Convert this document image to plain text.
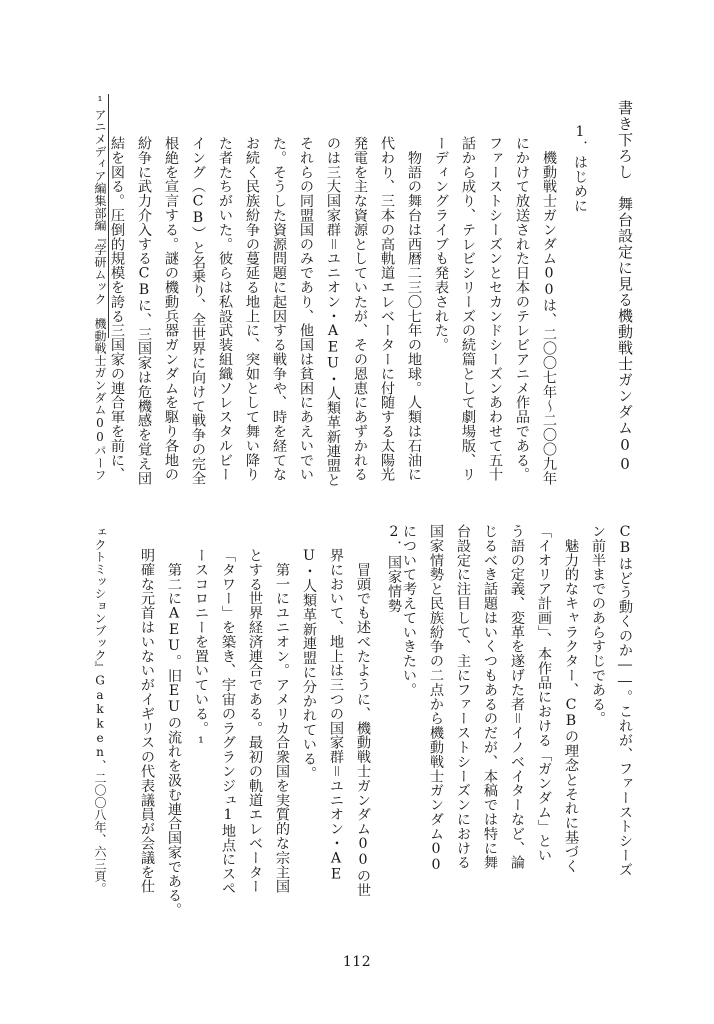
書き下ろし　舞台設定に見る機動戦士ガンダム00
1．はじめに
　機動戦士ガンダム00は、二〇〇七年〜二〇〇九年
にかけて放送された日本のテレビアニメ作品である。
ファーストシーズンとセカンドシーズンあわせて五十
話から成り、テレビシリーズの続篇として劇場版、リ
ーディングライブも発表された。
　物語の舞台は西暦二三〇七年の地球。人類は石油に
代わり、三本の高軌道エレベーターに付随する太陽光
発電を主な資源としていたが、その恩恵にあずかれる
のは三大国家群＝ユニオン・AEU・人類革新連盟と
それらの同盟国のみであり、他国は貧困にあえいでい
た。そうした資源問題に起因する戦争や、時を経てな
お続く民族紛争の蔓延る地上に、突如として舞い降り
た者たちがいた。彼らは私設武装組織ソレスタルビー
イング（CB）と名乗り、全世界に向けて戦争の完全
根絶を宣言する。謎の機動兵器ガンダムを駆り各地の
紛争に武力介入するCBに、三国家は危機感を覚え団
結を図る。圧倒的規模を誇る三国家の連合軍を前に、
CBはどう動くのか――。これが、ファーストシーズ
ン前半までのあらすじである。
　魅力的なキャラクター、CBの理念とそれに基づく
「イオリア計画」、本作品における「ガンダム」とい
う語の定義、変革を遂げた者＝イノベイターなど、論
じるべき話題はいくつもあるのだが、本稿では特に舞
台設定に注目して、主にファーストシーズンにおける
国家情勢と民族紛争の二点から機動戦士ガンダム00
について考えていきたい。
2．国家情勢
　冒頭でも述べたように、機動戦士ガンダム00の世
界において、地上は三つの国家群＝ユニオン・AE
U・人類革新連盟に分かれている。
　第一にユニオン。アメリカ合衆国を実質的な宗主国
とする世界経済連合である。最初の軌道エレベーター
「タワー」を築き、宇宙のラグランジュ1地点にスペ
ースコロニーを置いている。¹
　第二にAEU。旧EUの流れを汲む連合国家である。
明確な元首はいないがイギリスの代表議員が会議を仕
¹アニメディア編集部編『学研ムック　機動戦士ガンダム00パーフ
ェクトミッションブック』Gakken、二〇〇八年、六三頁。
112
